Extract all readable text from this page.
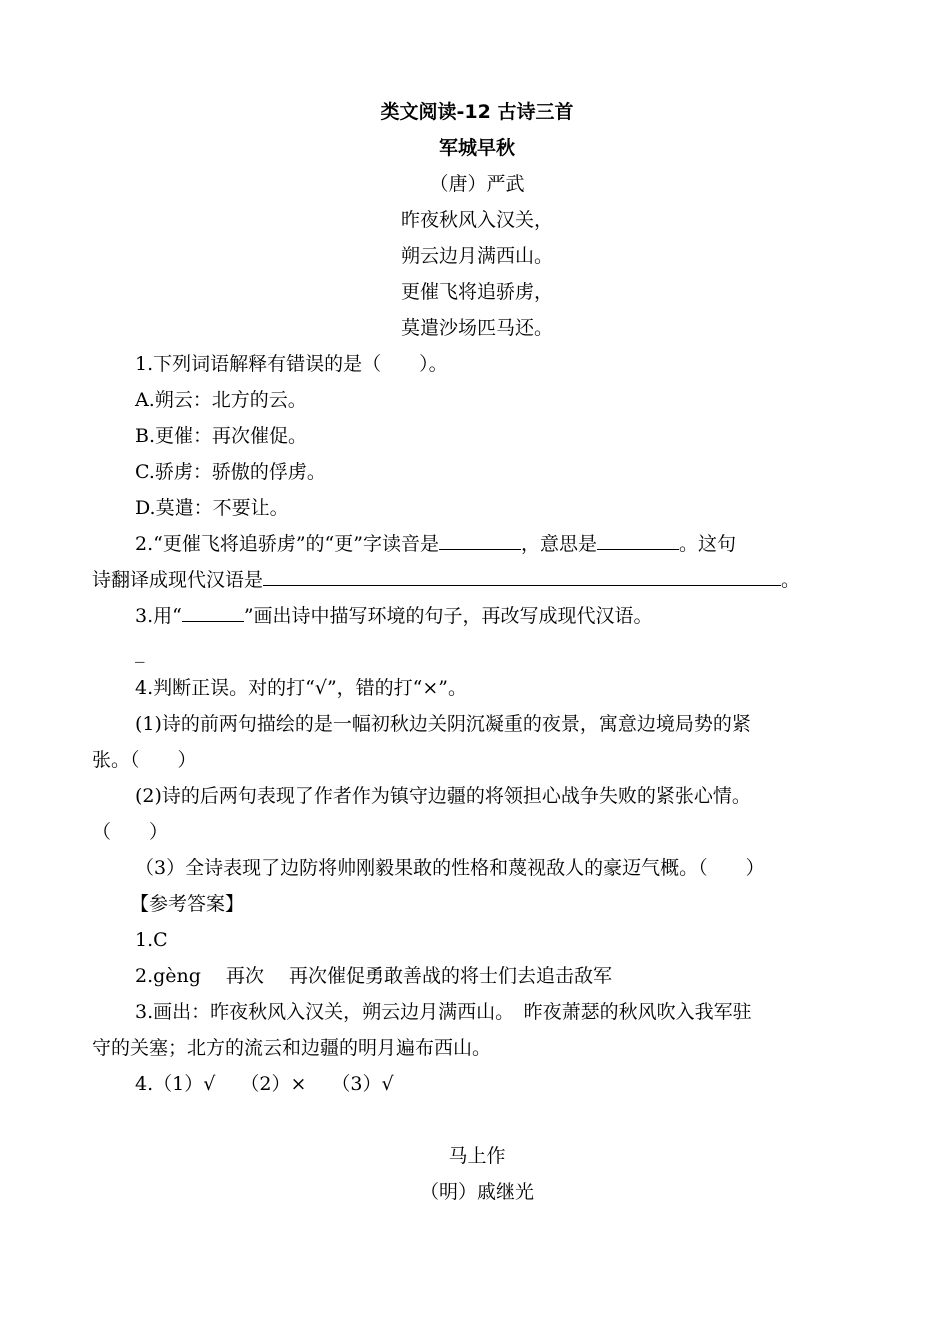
类文阅读-12 古诗三首
军城早秋
（唐）严武
昨夜秋风入汉关，
朔云边月满西山。
更催飞将追骄虏，
莫遣沙场匹马还。
1.下列词语解释有错误的是（　　）。
A.朔云：北方的云。
B.更催：再次催促。
C.骄虏：骄傲的俘虏。
D.莫遣：不要让。
2.“更催飞将追骄虏”的“更”字读音是	，意思是	。这句
诗翻译成现代汉语是	。
3.用“	”画出诗中描写环境的句子，再改写成现代汉语。
_
4.判断正误。对的打“√”，错的打“×”。
(1)诗的前两句描绘的是一幅初秋边关阴沉凝重的夜景，寓意边境局势的紧
张。（　　）
(2)诗的后两句表现了作者作为镇守边疆的将领担心战争失败的紧张心情。
（　　）
（3）全诗表现了边防将帅刚毅果敢的性格和蔑视敌人的豪迈气概。（　　）
【参考答案】
1.C
2.gèng　 再次　 再次催促勇敢善战的将士们去追击敌军
3.画出：昨夜秋风入汉关，朔云边月满西山。　昨夜萧瑟的秋风吹入我军驻
守的关塞；北方的流云和边疆的明月遍布西山。
4.（1）√　 （2）×　 （3）√
马上作
（明）戚继光
